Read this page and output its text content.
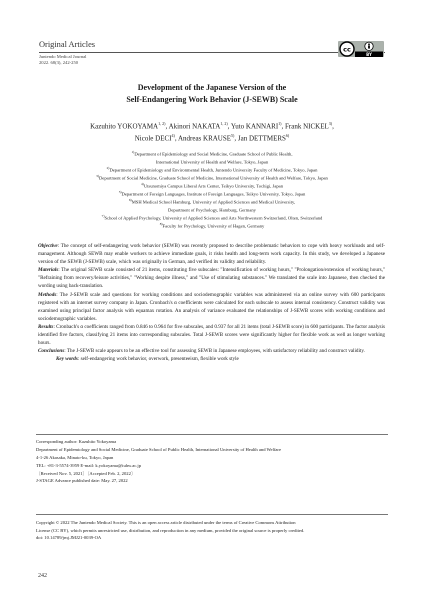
Original Articles
Juntendo Medical Journal
2022. 68(3), 242-250
cc
BY
Development of the Japanese Version of the
Self-Endangering Work Behavior (J-SEWB) Scale
Kazuhito YOKOYAMA$^{1, 2)}$, Akinori NAKATA$^{1, 2)}$, Yuto KANNARI$^{1)}$, Frank NICKEL$^{3)}$,
Nicole DECI$^{4)}$, Andreas KRAUSE$^{5)}$, Jan DETTMERS$^{6)}$
$^{1)}$Department of Epidemiology and Social Medicine, Graduate School of Public Health,
International University of Health and Welfare, Tokyo, Japan
$^{2)}$Department of Epidemiology and Environmental Health, Juntendo University Faculty of Medicine, Tokyo, Japan
$^{3)}$Department of Social Medicine, Graduate School of Medicine, International University of Health and Welfare, Tokyo, Japan
$^{4)}$Utsunomiya Campus Liberal Arts Center, Teikyo University, Tochigi, Japan
$^{5)}$Department of Foreign Languages, Institute of Foreign Languages, Teikyo University, Tokyo, Japan
$^{6)}$MSH Medical School Hamburg, University of Applied Sciences and Medical University,
Department of Psychology, Hamburg, Germany
$^{7)}$School of Applied Psychology, University of Applied Sciences and Arts Northwestern Switzerland, Olten, Switzerland
$^{8)}$Faculty for Psychology, University of Hagen, Germany

Objective: The concept of self-endangering work behavior (SEWB) was recently proposed to describe problematic behaviors to cope with heavy workloads and self-management. Although SEWB may enable workers to achieve immediate goals, it risks health and long-term work capacity. In this study, we developed a Japanese version of the SEWB (J-SEWB) scale, which was originally in German, and verified its validity and reliability.

Materials: The original SEWB scale consisted of 21 items, constituting five subscales: "Intensification of working hours," "Prolongation/extension of working hours," "Refraining from recovery/leisure activities," "Working despite illness," and "Use of stimulating substances." We translated the scale into Japanese, then checked the wording using back-translation.

Methods: The J-SEWB scale and questions for working conditions and sociodemographic variables was administered via an online survey with 600 participants registered with an internet survey company in Japan. Cronbach's α coefficients were calculated for each subscale to assess internal consistency. Construct validity was examined using principal factor analysis with equamax rotation. An analysis of variance evaluated the relationships of J-SEWB scores with working conditions and sociodemographic variables.

Results: Cronbach's α coefficients ranged from 0.846 to 0.964 for five subscales, and 0.937 for all 21 items (total J-SEWB score) in 600 participants. The factor analysis identified five factors, classifying 21 items into corresponding subscales. Total J-SEWB scores were significantly higher for flexible work as well as longer working hours.

Conclusions: The J-SEWB scale appears to be an effective tool for assessing SEWB in Japanese employees, with satisfactory reliability and construct validity.

Key words: self-endangering work behavior, overwork, presenteeism, flexible work style

Corresponding author: Kazuhito Yokoyama

Department of Epidemiology and Social Medicine, Graduate School of Public Health, International University of Health and Welfare

4-1-26 Akasaka, Minato-ku, Tokyo, Japan

TEL: +81-3-5574-3959 E-mail: k.yokoyama@iuhw.ac.jp

〔Received Nov. 5, 2021〕〔Accepted Feb. 2, 2022〕

J-STAGE Advance published date: May. 27, 2022

Copyright © 2022 The Juntendo Medical Society. This is an open access article distributed under the terms of Creative Commons Attribution
License (CC BY), which permits unrestricted use, distribution, and reproduction in any medium, provided the original source is properly credited.
doi: 10.14789/jmj.JMJ21-0039-OA
242
